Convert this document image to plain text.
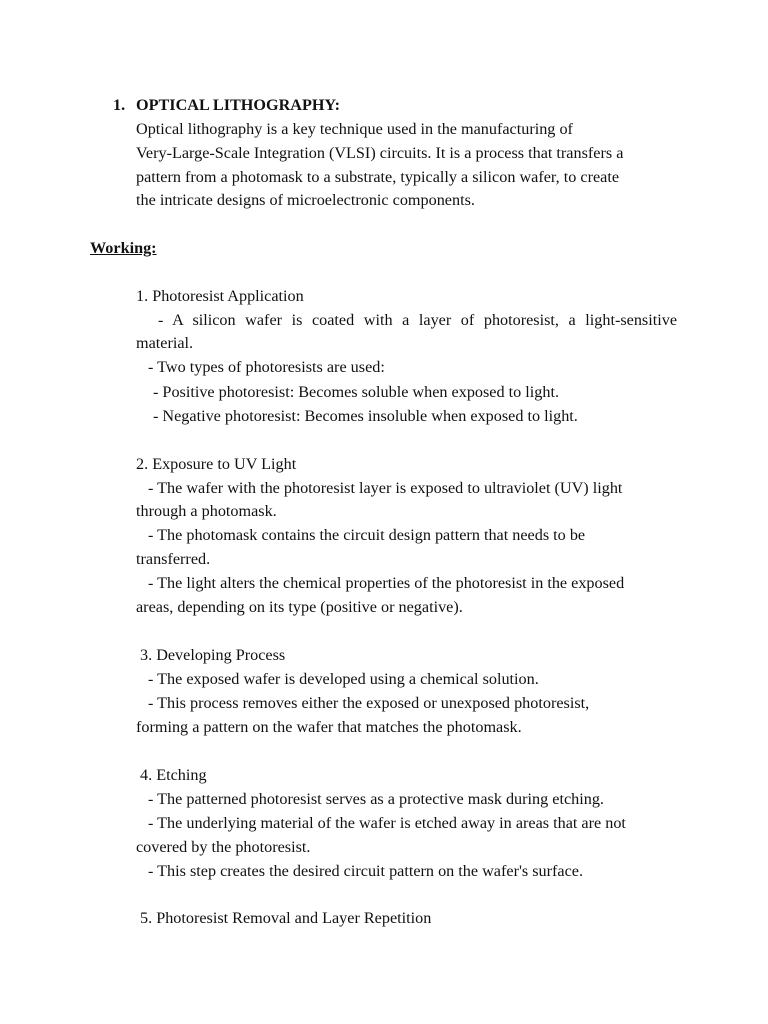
1. OPTICAL LITHOGRAPHY:
Optical lithography is a key technique used in the manufacturing of
Very-Large-Scale Integration (VLSI) circuits. It is a process that transfers a
pattern from a photomask to a substrate, typically a silicon wafer, to create
the intricate designs of microelectronic components.
Working:
1. Photoresist Application
- A silicon wafer is coated with a layer of photoresist, a light-sensitive
material.
- Two types of photoresists are used:
- Positive photoresist: Becomes soluble when exposed to light.
- Negative photoresist: Becomes insoluble when exposed to light.
2. Exposure to UV Light
- The wafer with the photoresist layer is exposed to ultraviolet (UV) light
through a photomask.
- The photomask contains the circuit design pattern that needs to be
transferred.
- The light alters the chemical properties of the photoresist in the exposed
areas, depending on its type (positive or negative).
3. Developing Process
- The exposed wafer is developed using a chemical solution.
- This process removes either the exposed or unexposed photoresist,
forming a pattern on the wafer that matches the photomask.
4. Etching
- The patterned photoresist serves as a protective mask during etching.
- The underlying material of the wafer is etched away in areas that are not
covered by the photoresist.
- This step creates the desired circuit pattern on the wafer's surface.
5. Photoresist Removal and Layer Repetition
